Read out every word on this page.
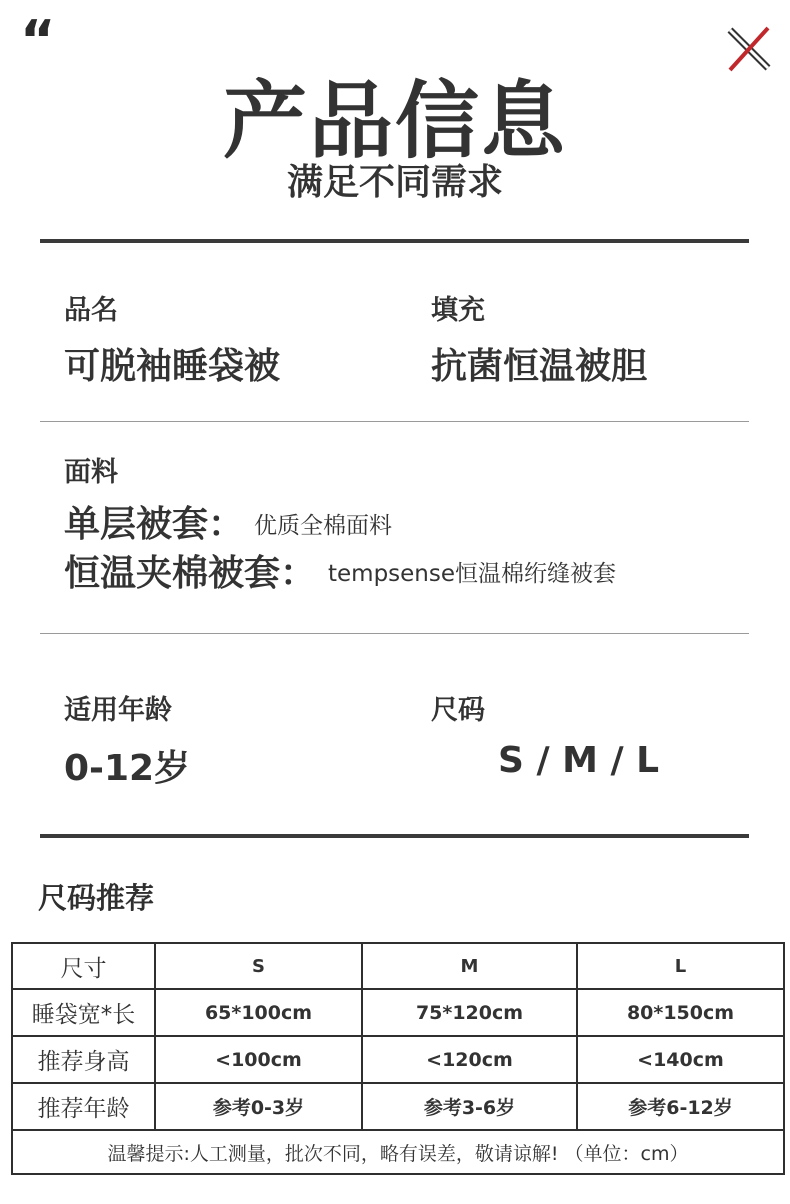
“
产品信息
满足不同需求
品名
可脱袖睡袋被
填充
抗菌恒温被胆
面料
单层被套： 优质全棉面料
恒温夹棉被套： tempsense恒温棉绗缝被套
适用年龄
0-12岁
尺码
S / M / L
尺码推荐
尺寸	S	M	L
睡袋宽*长	65*100cm	75*120cm	80*150cm
推荐身高	<100cm	<120cm	<140cm
推荐年龄	参考0-3岁	参考3-6岁	参考6-12岁
温馨提示:人工测量，批次不同，略有误差，敬请谅解! （单位：cm）			
